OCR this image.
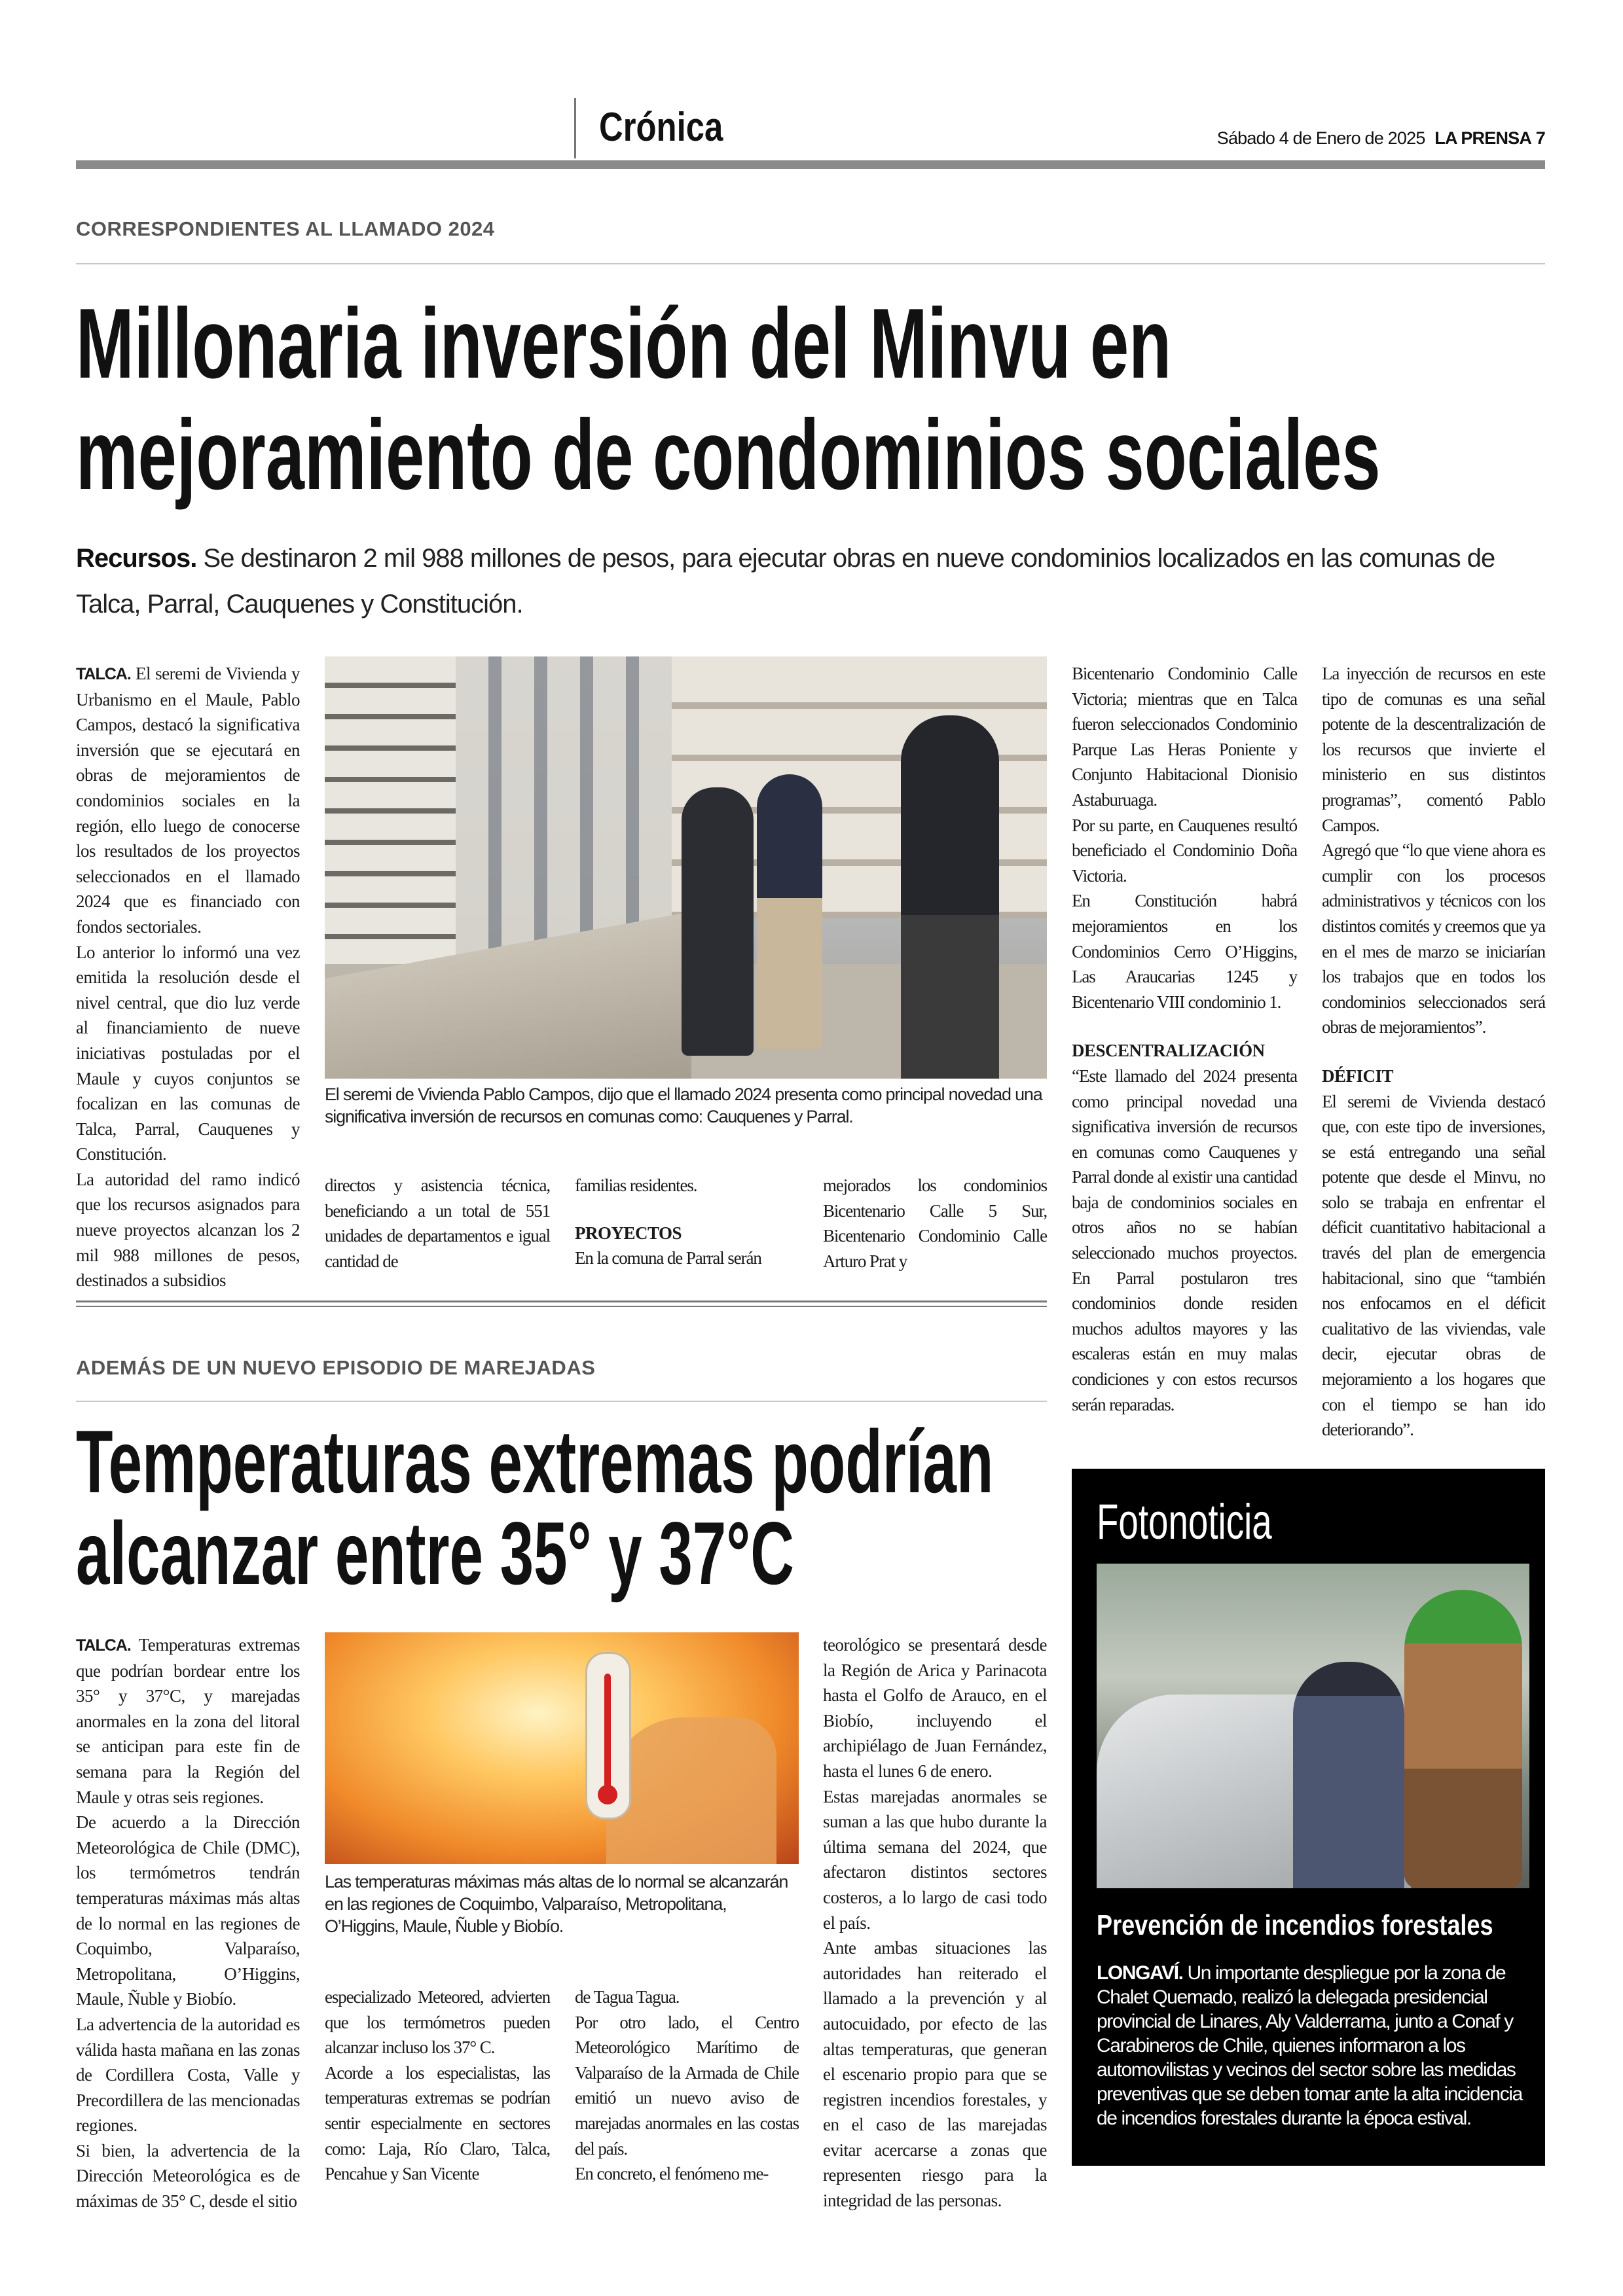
Crónica	Sábado 4 de Enero de 2025 LA PRENSA 7
CORRESPONDIENTES AL LLAMADO 2024
Millonaria inversión del Minvu en
mejoramiento de condominios sociales
Recursos. Se destinaron 2 mil 988 millones de pesos, para ejecutar obras en nueve condominios localizados en las comunas de Talca, Parral, Cauquenes y Constitución.
El seremi de Vivienda Pablo Campos, dijo que el llamado 2024 presenta como principal novedad una significativa inversión de recursos en comunas como: Cauquenes y Parral.

TALCA. El seremi de Vivienda y Urbanismo en el Maule, Pablo Campos, destacó la significativa inversión que se ejecutará en obras de mejoramientos de condominios sociales en la región, ello luego de conocerse los resultados de los proyectos seleccionados en el llamado 2024 que es financiado con fondos sectoriales.

Lo anterior lo informó una vez emitida la resolución desde el nivel central, que dio luz verde al financiamiento de nueve iniciativas postuladas por el Maule y cuyos conjuntos se focalizan en las comunas de Talca, Parral, Cauquenes y Constitución.

La autoridad del ramo indicó que los recursos asignados para nueve proyectos alcanzan los 2 mil 988 millones de pesos, destinados a subsidios

directos y asistencia técnica, beneficiando a un total de 551 unidades de departamentos e igual cantidad de

familias residentes.

PROYECTOS

En la comuna de Parral serán

mejorados los condominios Bicentenario Calle 5 Sur, Bicentenario Condominio Calle Arturo Prat y

Bicentenario Condominio Calle Victoria; mientras que en Talca fueron seleccionados Condominio Parque Las Heras Poniente y Conjunto Habitacional Dionisio Astaburuaga.

Por su parte, en Cauquenes resultó beneficiado el Condominio Doña Victoria.

En Constitución habrá mejoramientos en los Condominios Cerro O’Higgins, Las Araucarias 1245 y Bicentenario VIII condominio 1.

DESCENTRALIZACIÓN

“Este llamado del 2024 presenta como principal novedad una significativa inversión de recursos en comunas como Cauquenes y Parral donde al existir una cantidad baja de condominios sociales en otros años no se habían seleccionado muchos proyectos. En Parral postularon tres condominios donde residen muchos adultos mayores y las escaleras están en muy malas condiciones y con estos recursos serán reparadas.

La inyección de recursos en este tipo de comunas es una señal potente de la descentralización de los recursos que invierte el ministerio en sus distintos programas”, comentó Pablo Campos.

Agregó que “lo que viene ahora es cumplir con los procesos administrativos y técnicos con los distintos comités y creemos que ya en el mes de marzo se iniciarían los trabajos que en todos los condominios seleccionados será obras de mejoramientos”.

DÉFICIT

El seremi de Vivienda destacó que, con este tipo de inversiones, se está entregando una señal potente que desde el Minvu, no solo se trabaja en enfrentar el déficit cuantitativo habitacional a través del plan de emergencia habitacional, sino que “también nos enfocamos en el déficit cualitativo de las viviendas, vale decir, ejecutar obras de mejoramiento a los hogares que con el tiempo se han ido deteriorando”.

ADEMÁS DE UN NUEVO EPISODIO DE MAREJADAS
Temperaturas extremas podrían
alcanzar entre 35° y 37°C
Las temperaturas máximas más altas de lo normal se alcanzarán en las regiones de Coquimbo, Valparaíso, Metropolitana, O’Higgins, Maule, Ñuble y Biobío.

TALCA. Temperaturas extremas que podrían bordear entre los 35° y 37°C, y marejadas anormales en la zona del litoral se anticipan para este fin de semana para la Región del Maule y otras seis regiones.

De acuerdo a la Dirección Meteorológica de Chile (DMC), los termómetros tendrán temperaturas máximas más altas de lo normal en las regiones de Coquimbo, Valparaíso, Metropolitana, O’Higgins, Maule, Ñuble y Biobío.

La advertencia de la autoridad es válida hasta mañana en las zonas de Cordillera Costa, Valle y Precordillera de las mencionadas regiones.

Si bien, la advertencia de la Dirección Meteorológica es de máximas de 35° C, desde el sitio

especializado Meteored, advierten que los termómetros pueden alcanzar incluso los 37° C.

Acorde a los especialistas, las temperaturas extremas se podrían sentir especialmente en sectores como: Laja, Río Claro, Talca, Pencahue y San Vicente

de Tagua Tagua.

Por otro lado, el Centro Meteorológico Marítimo de Valparaíso de la Armada de Chile emitió un nuevo aviso de marejadas anormales en las costas del país.

En concreto, el fenómeno me-

teorológico se presentará desde la Región de Arica y Parinacota hasta el Golfo de Arauco, en el Biobío, incluyendo el archipiélago de Juan Fernández, hasta el lunes 6 de enero.

Estas marejadas anormales se suman a las que hubo durante la última semana del 2024, que afectaron distintos sectores costeros, a lo largo de casi todo el país.

Ante ambas situaciones las autoridades han reiterado el llamado a la prevención y al autocuidado, por efecto de las altas temperaturas, que generan el escenario propio para que se registren incendios forestales, y en el caso de las marejadas evitar acercarse a zonas que representen riesgo para la integridad de las personas.

Fotonoticia
Prevención de incendios forestales
LONGAVÍ. Un importante despliegue por la zona de Chalet Quemado, realizó la delegada presidencial provincial de Linares, Aly Valderrama, junto a Conaf y Carabineros de Chile, quienes informaron a los automovilistas y vecinos del sector sobre las medidas preventivas que se deben tomar ante la alta incidencia de incendios forestales durante la época estival.
